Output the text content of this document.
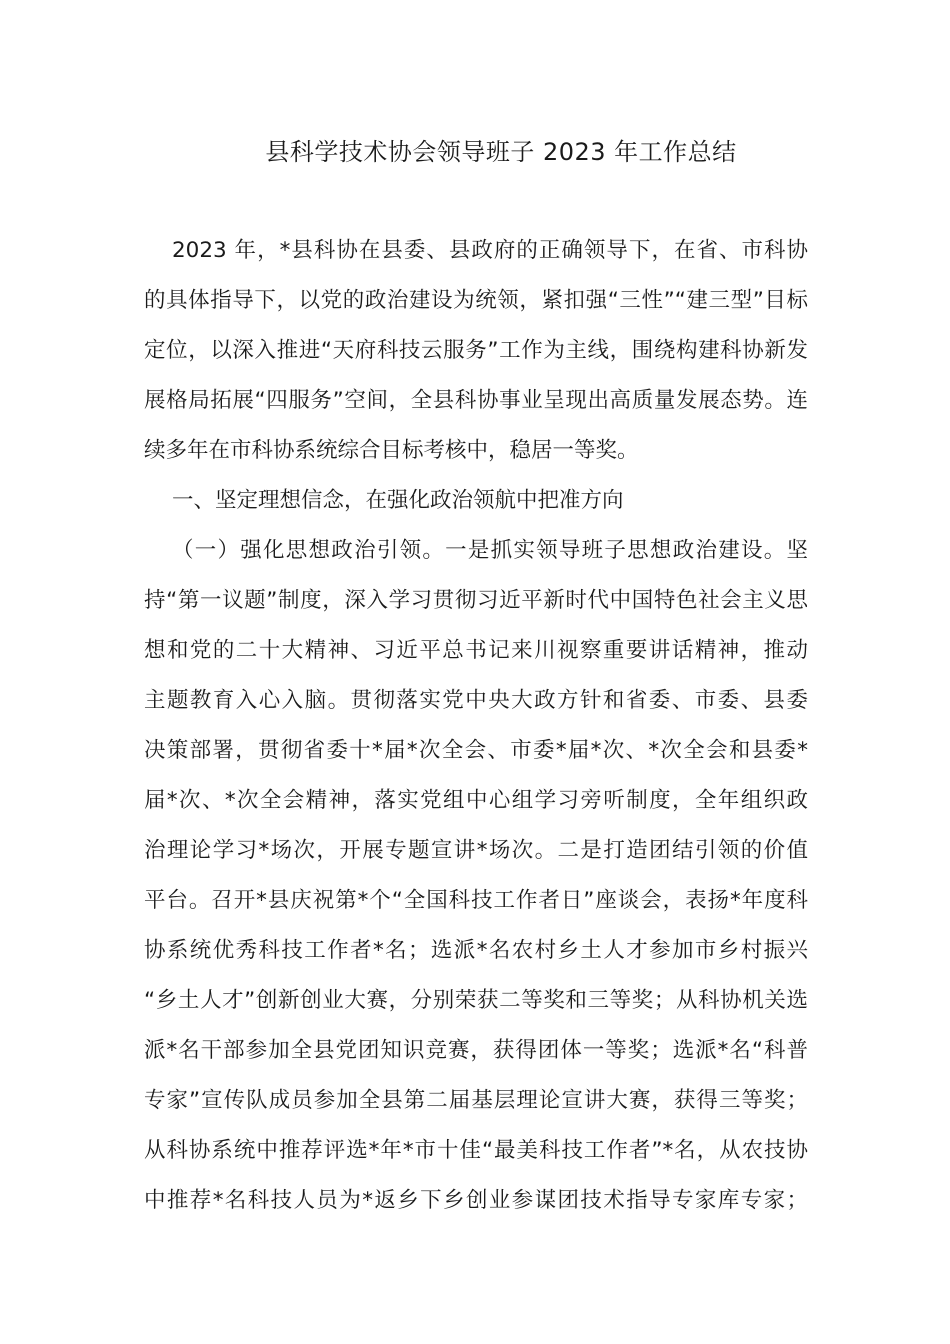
县科学技术协会领导班子 2023 年工作总结
2023 年，*县科协在县委、县政府的正确领导下，在省、市科协
的具体指导下，以党的政治建设为统领，紧扣强“三性”“建三型”目标
定位，以深入推进“天府科技云服务”工作为主线，围绕构建科协新发
展格局拓展“四服务”空间，全县科协事业呈现出高质量发展态势。连
续多年在市科协系统综合目标考核中，稳居一等奖。
一、坚定理想信念，在强化政治领航中把准方向
（一）强化思想政治引领。一是抓实领导班子思想政治建设。坚
持“第一议题”制度，深入学习贯彻习近平新时代中国特色社会主义思
想和党的二十大精神、习近平总书记来川视察重要讲话精神，推动
主题教育入心入脑。贯彻落实党中央大政方针和省委、市委、县委
决策部署，贯彻省委十*届*次全会、市委*届*次、*次全会和县委*
届*次、*次全会精神，落实党组中心组学习旁听制度，全年组织政
治理论学习*场次，开展专题宣讲*场次。二是打造团结引领的价值
平台。召开*县庆祝第*个“全国科技工作者日”座谈会，表扬*年度科
协系统优秀科技工作者*名；选派*名农村乡土人才参加市乡村振兴
“乡土人才”创新创业大赛，分别荣获二等奖和三等奖；从科协机关选
派*名干部参加全县党团知识竞赛，获得团体一等奖；选派*名“科普
专家”宣传队成员参加全县第二届基层理论宣讲大赛，获得三等奖；
从科协系统中推荐评选*年*市十佳“最美科技工作者”*名，从农技协
中推荐*名科技人员为*返乡下乡创业参谋团技术指导专家库专家；
